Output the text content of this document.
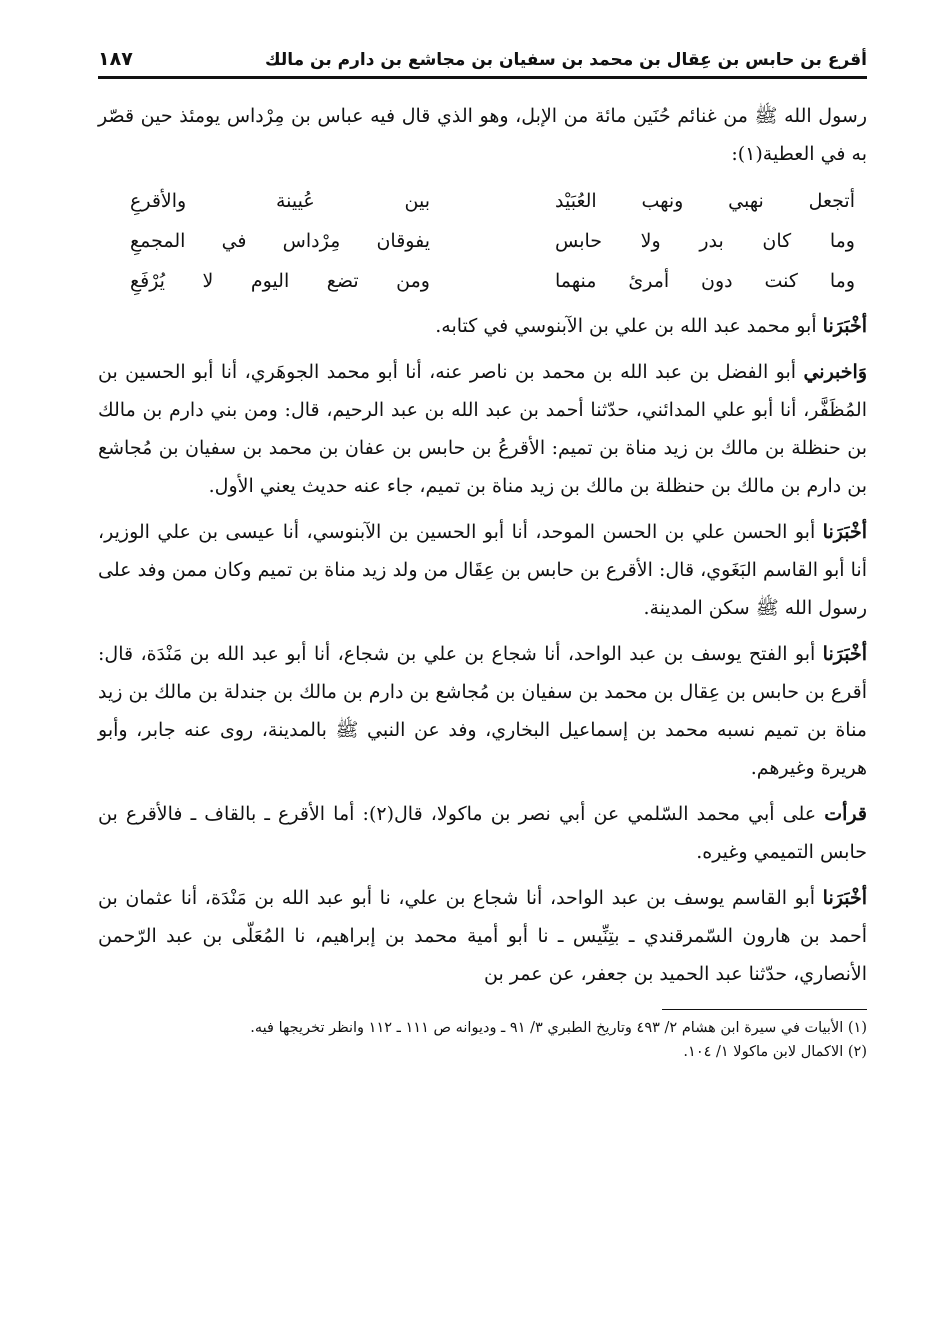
أقرع بن حابس بن عِقال بن محمد بن سفيان بن مجاشع بن دارم بن مالك
١٨٧

رسول الله ﷺ من غنائم حُنَين مائة من الإبل، وهو الذي قال فيه عباس بن مِرْداس يومئذ حين قصّر به في العطية(١):

أتجعل نهبي ونهب العُبَيْد
بين عُيينة والأقرعِ
وما كان بدر ولا حابس
يفوقان مِرْداس في المجمعِ
وما كنت دون أمرئ منهما
ومن تضع اليوم لا يُرْفَعِ

أخْبَرَنا أبو محمد عبد الله بن علي بن الآبنوسي في كتابه.

وَاخبرني أبو الفضل بن عبد الله بن محمد بن ناصر عنه، أنا أبو محمد الجوهَري، أنا أبو الحسين بن المُظَفَّر، أنا أبو علي المدائني، حدّثنا أحمد بن عبد الله بن عبد الرحيم، قال: ومن بني دارم بن مالك بن حنظلة بن مالك بن زيد مناة بن تميم: الأقرعُ بن حابس بن عفان بن محمد بن سفيان بن مُجاشع بن دارم بن مالك بن حنظلة بن مالك بن زيد مناة بن تميم، جاء عنه حديث يعني الأول.

أخْبَرَنا أبو الحسن علي بن الحسن الموحد، أنا أبو الحسين بن الآبنوسي، أنا عيسى بن علي الوزير، أنا أبو القاسم البَغَوي، قال: الأقرع بن حابس بن عِقَال من ولد زيد مناة بن تميم وكان ممن وفد على رسول الله ﷺ سكن المدينة.

أخْبَرَنا أبو الفتح يوسف بن عبد الواحد، أنا شجاع بن علي بن شجاع، أنا أبو عبد الله بن مَنْدَة، قال: أقرع بن حابس بن عِقال بن محمد بن سفيان بن مُجاشع بن دارم بن مالك بن جندلة بن مالك بن زيد مناة بن تميم نسبه محمد بن إسماعيل البخاري، وفد عن النبي ﷺ بالمدينة، روى عنه جابر، وأبو هريرة وغيرهم.

قرأت على أبي محمد السّلمي عن أبي نصر بن ماكولا، قال(٢): أما الأقرع ـ بالقاف ـ فالأقرع بن حابس التميمي وغيره.

أخْبَرَنا أبو القاسم يوسف بن عبد الواحد، أنا شجاع بن علي، نا أبو عبد الله بن مَنْدَة، أنا عثمان بن أحمد بن هارون السّمرقندي ـ بتِنِّيس ـ نا أبو أمية محمد بن إبراهيم، نا المُعَلّى بن عبد الرّحمن الأنصاري، حدّثنا عبد الحميد بن جعفر، عن عمر بن

(١) الأبيات في سيرة ابن هشام ٢/ ٤٩٣ وتاريخ الطبري ٣/ ٩١ ـ وديوانه ص ١١١ ـ ١١٢ وانظر تخريجها فيه.

(٢) الاكمال لابن ماكولا ١/ ١٠٤.
